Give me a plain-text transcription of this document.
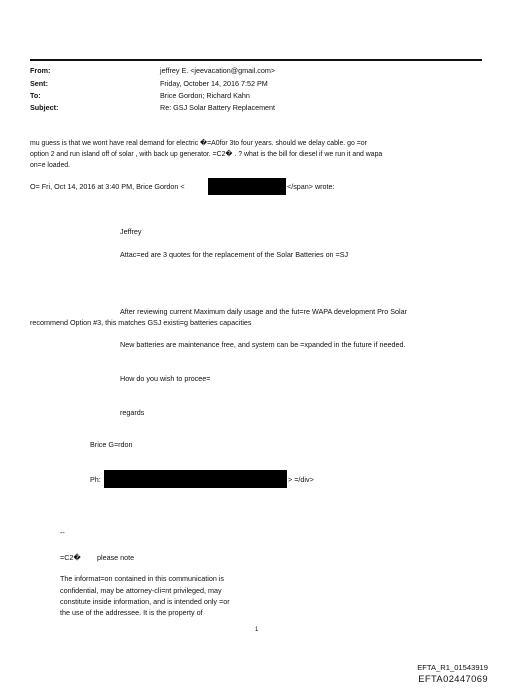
From:	jeffrey E. <jeevacation@gmail.com>
Sent:	Friday, October 14, 2016 7:52 PM
To:	Brice Gordon; Richard Kahn
Subject:	Re: GSJ Solar Battery Replacement
mu guess is that we wont have real demand for electric �=A0for 3to four years. should we delay cable. go =or
option 2 and run island off of solar , with back up generator. =C2� . ? what is the bill for diesel if we run it and wapa
on=e loaded.
O= Fri, Oct 14, 2016 at 3:40 PM, Brice Gordon <	</span> wrote:
Jeffrey
Attac=ed are 3 quotes for the replacement of the Solar Batteries on =SJ
After reviewing current Maximum daily usage and the fut=re WAPA development Pro Solar
recommend Option #3, this matches GSJ existi=g batteries capacities
New batteries are maintenance free, and system can be =xpanded in the future if needed.
How do you wish to procee=
regards
Brice G=rdon
Ph:	> =/div>
--
=C2� please note
The informat=on contained in this communication is
confidential, may be attorney-cli=nt privileged, may
constitute inside information, and is intended only =or
the use of the addressee. It is the property of
1
EFTA_R1_01543919
EFTA02447069
